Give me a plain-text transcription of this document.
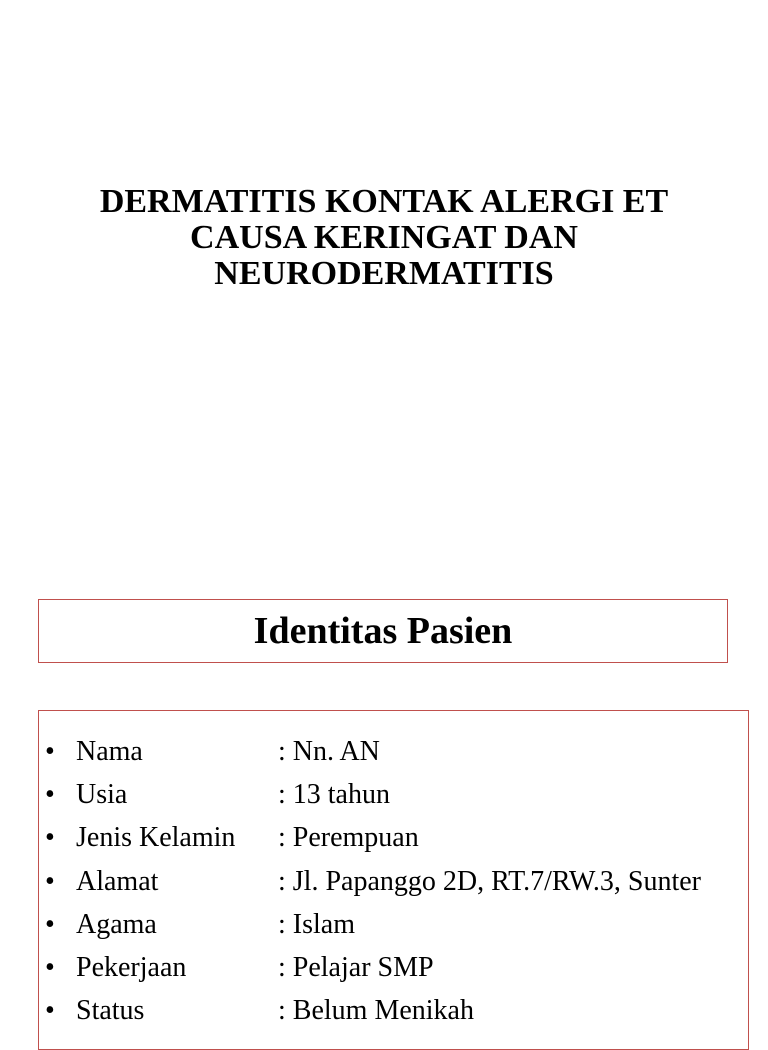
DERMATITIS KONTAK ALERGI ET
CAUSA KERINGAT DAN
NEURODERMATITIS
Identitas Pasien
• Nama	: Nn. AN
• Usia	: 13 tahun
• Jenis Kelamin	: Perempuan
• Alamat	: Jl. Papanggo 2D, RT.7/RW.3, Sunter
• Agama	: Islam
• Pekerjaan	: Pelajar SMP
• Status	: Belum Menikah
